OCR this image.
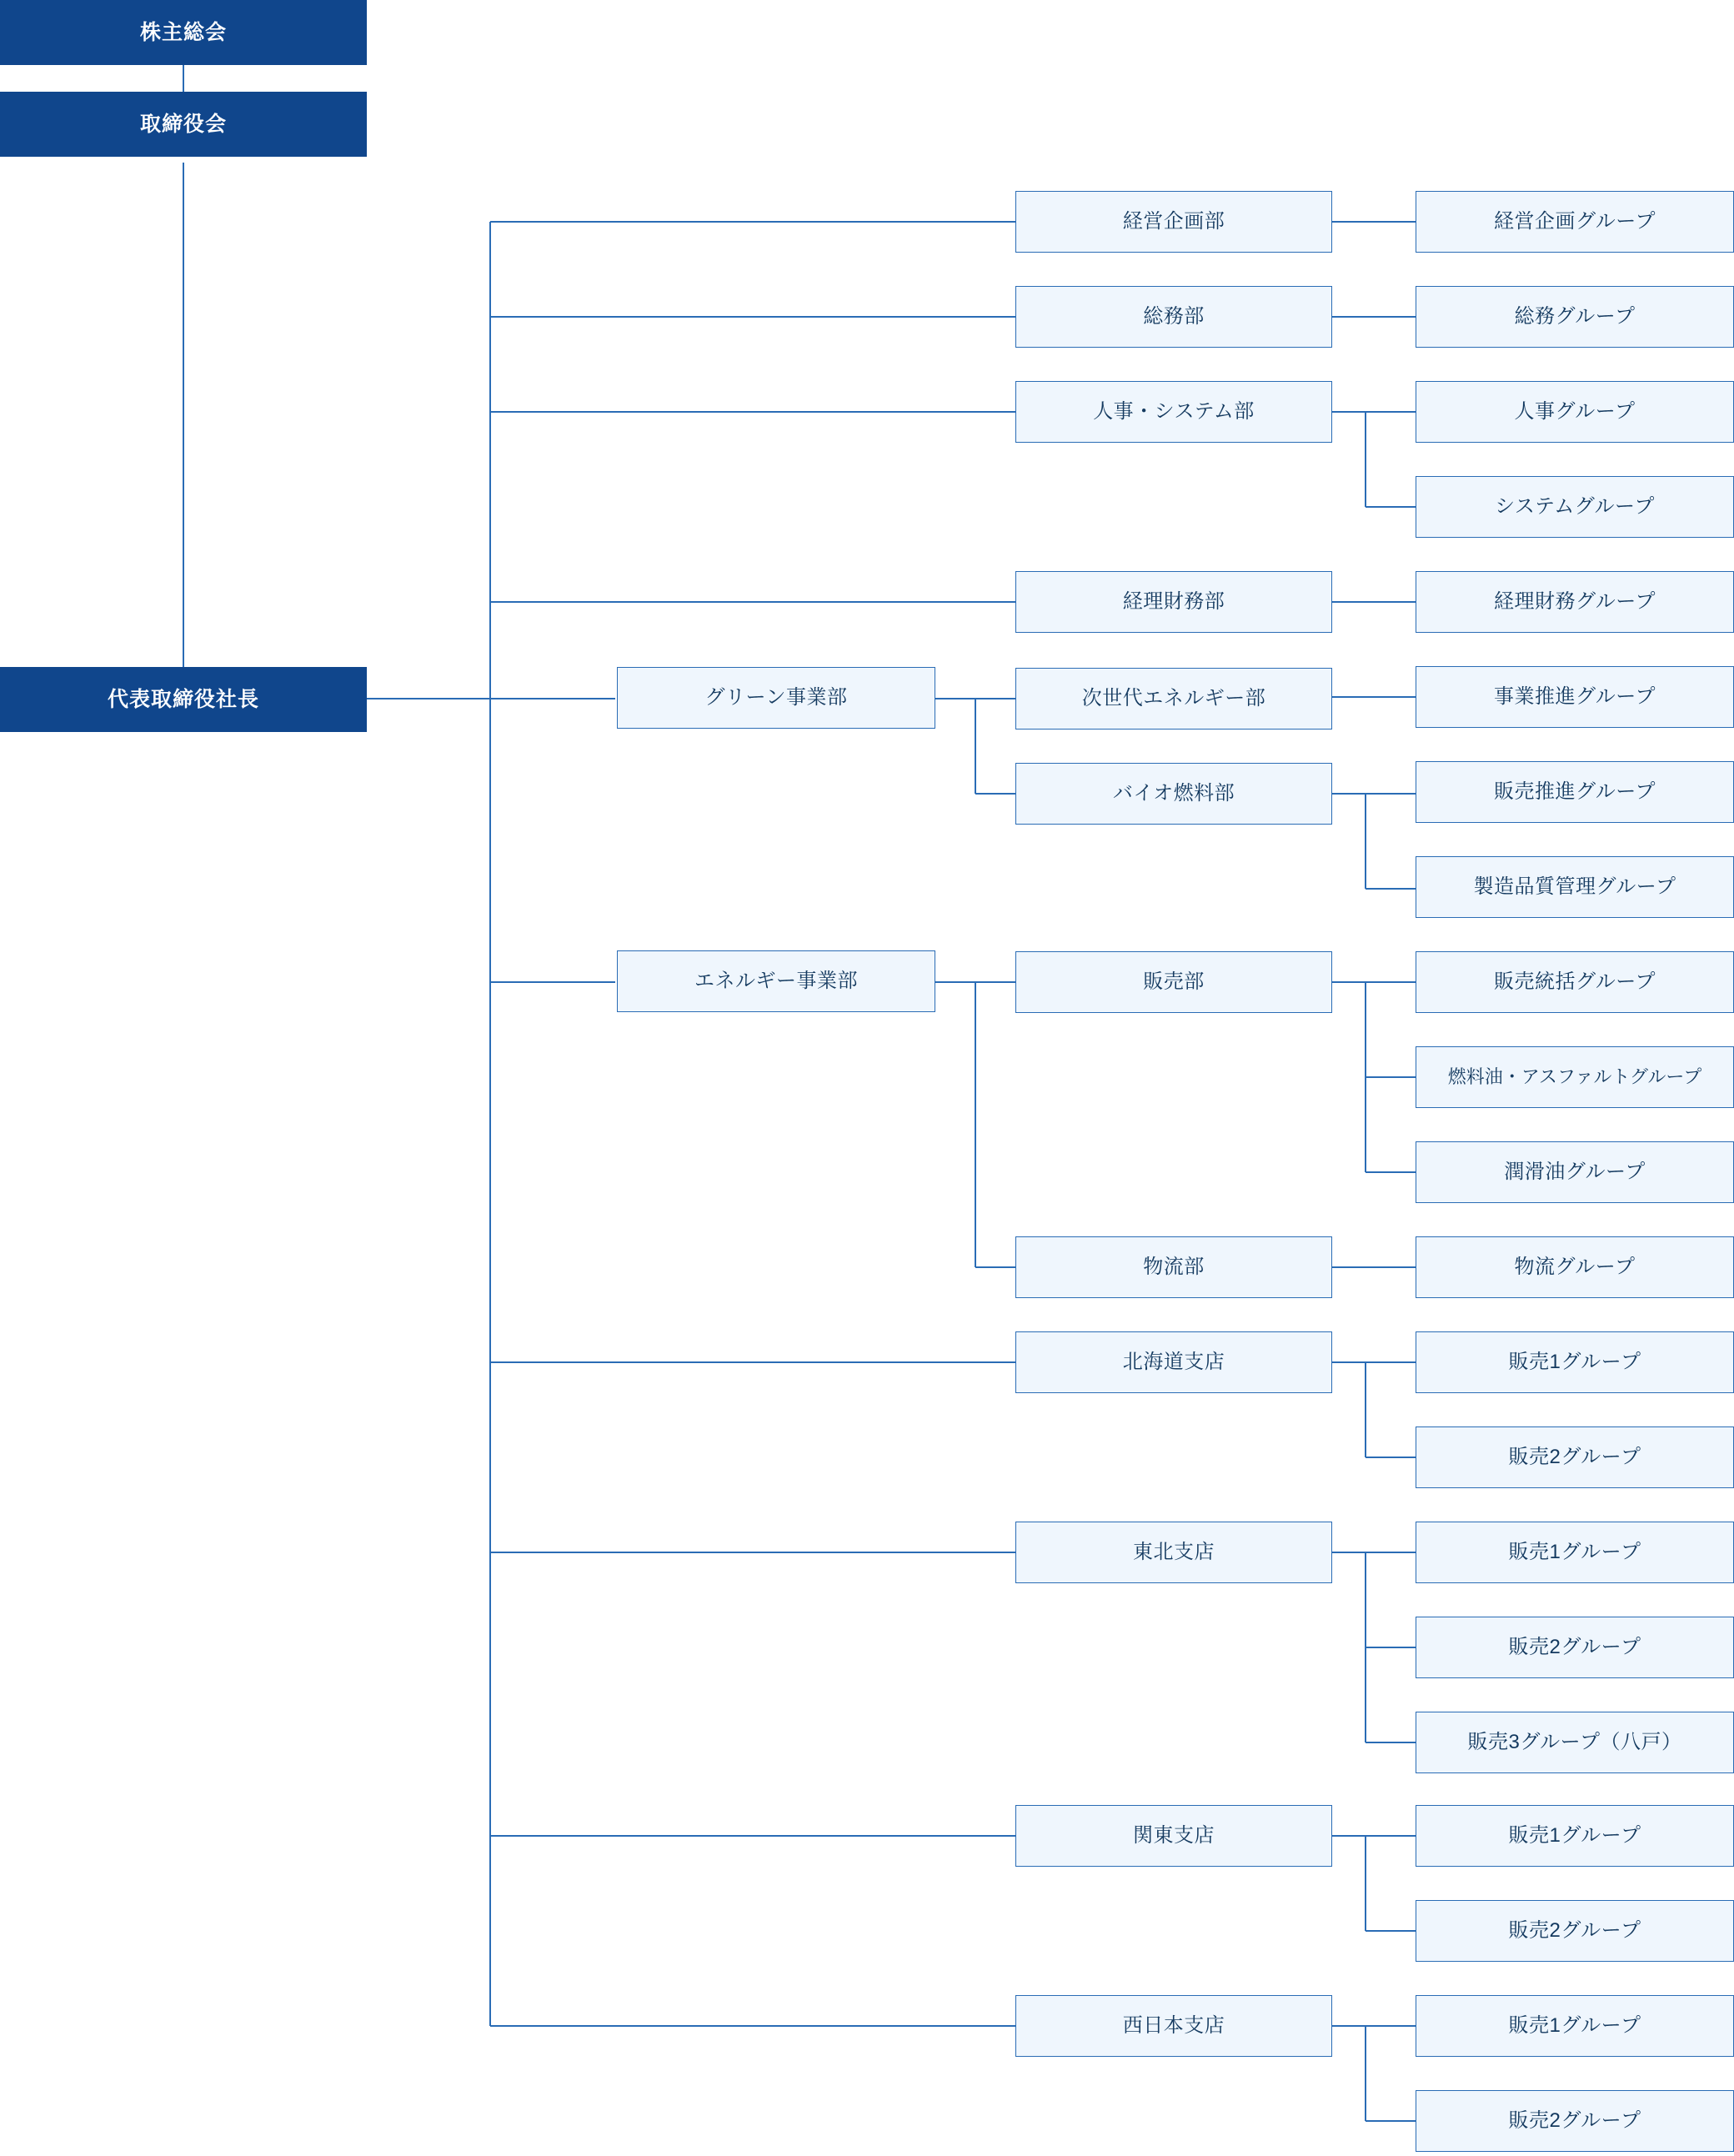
株主総会
取締役会
代表取締役社長	グリーン事業部
エネルギー事業部
経営企画部
総務部
人事・システム部
経理財務部
次世代エネルギー部
バイオ燃料部
販売部
物流部
北海道支店
東北支店
関東支店
西日本支店
経営企画グループ
総務グループ
人事グループ
システムグループ
経理財務グループ
事業推進グループ
販売推進グループ
製造品質管理グループ
販売統括グループ
燃料油・アスファルトグループ
潤滑油グループ
物流グループ
販売1グループ
販売2グループ
販売1グループ
販売2グループ
販売3グループ（八戸）
販売1グループ
販売2グループ
販売1グループ
販売2グループ
